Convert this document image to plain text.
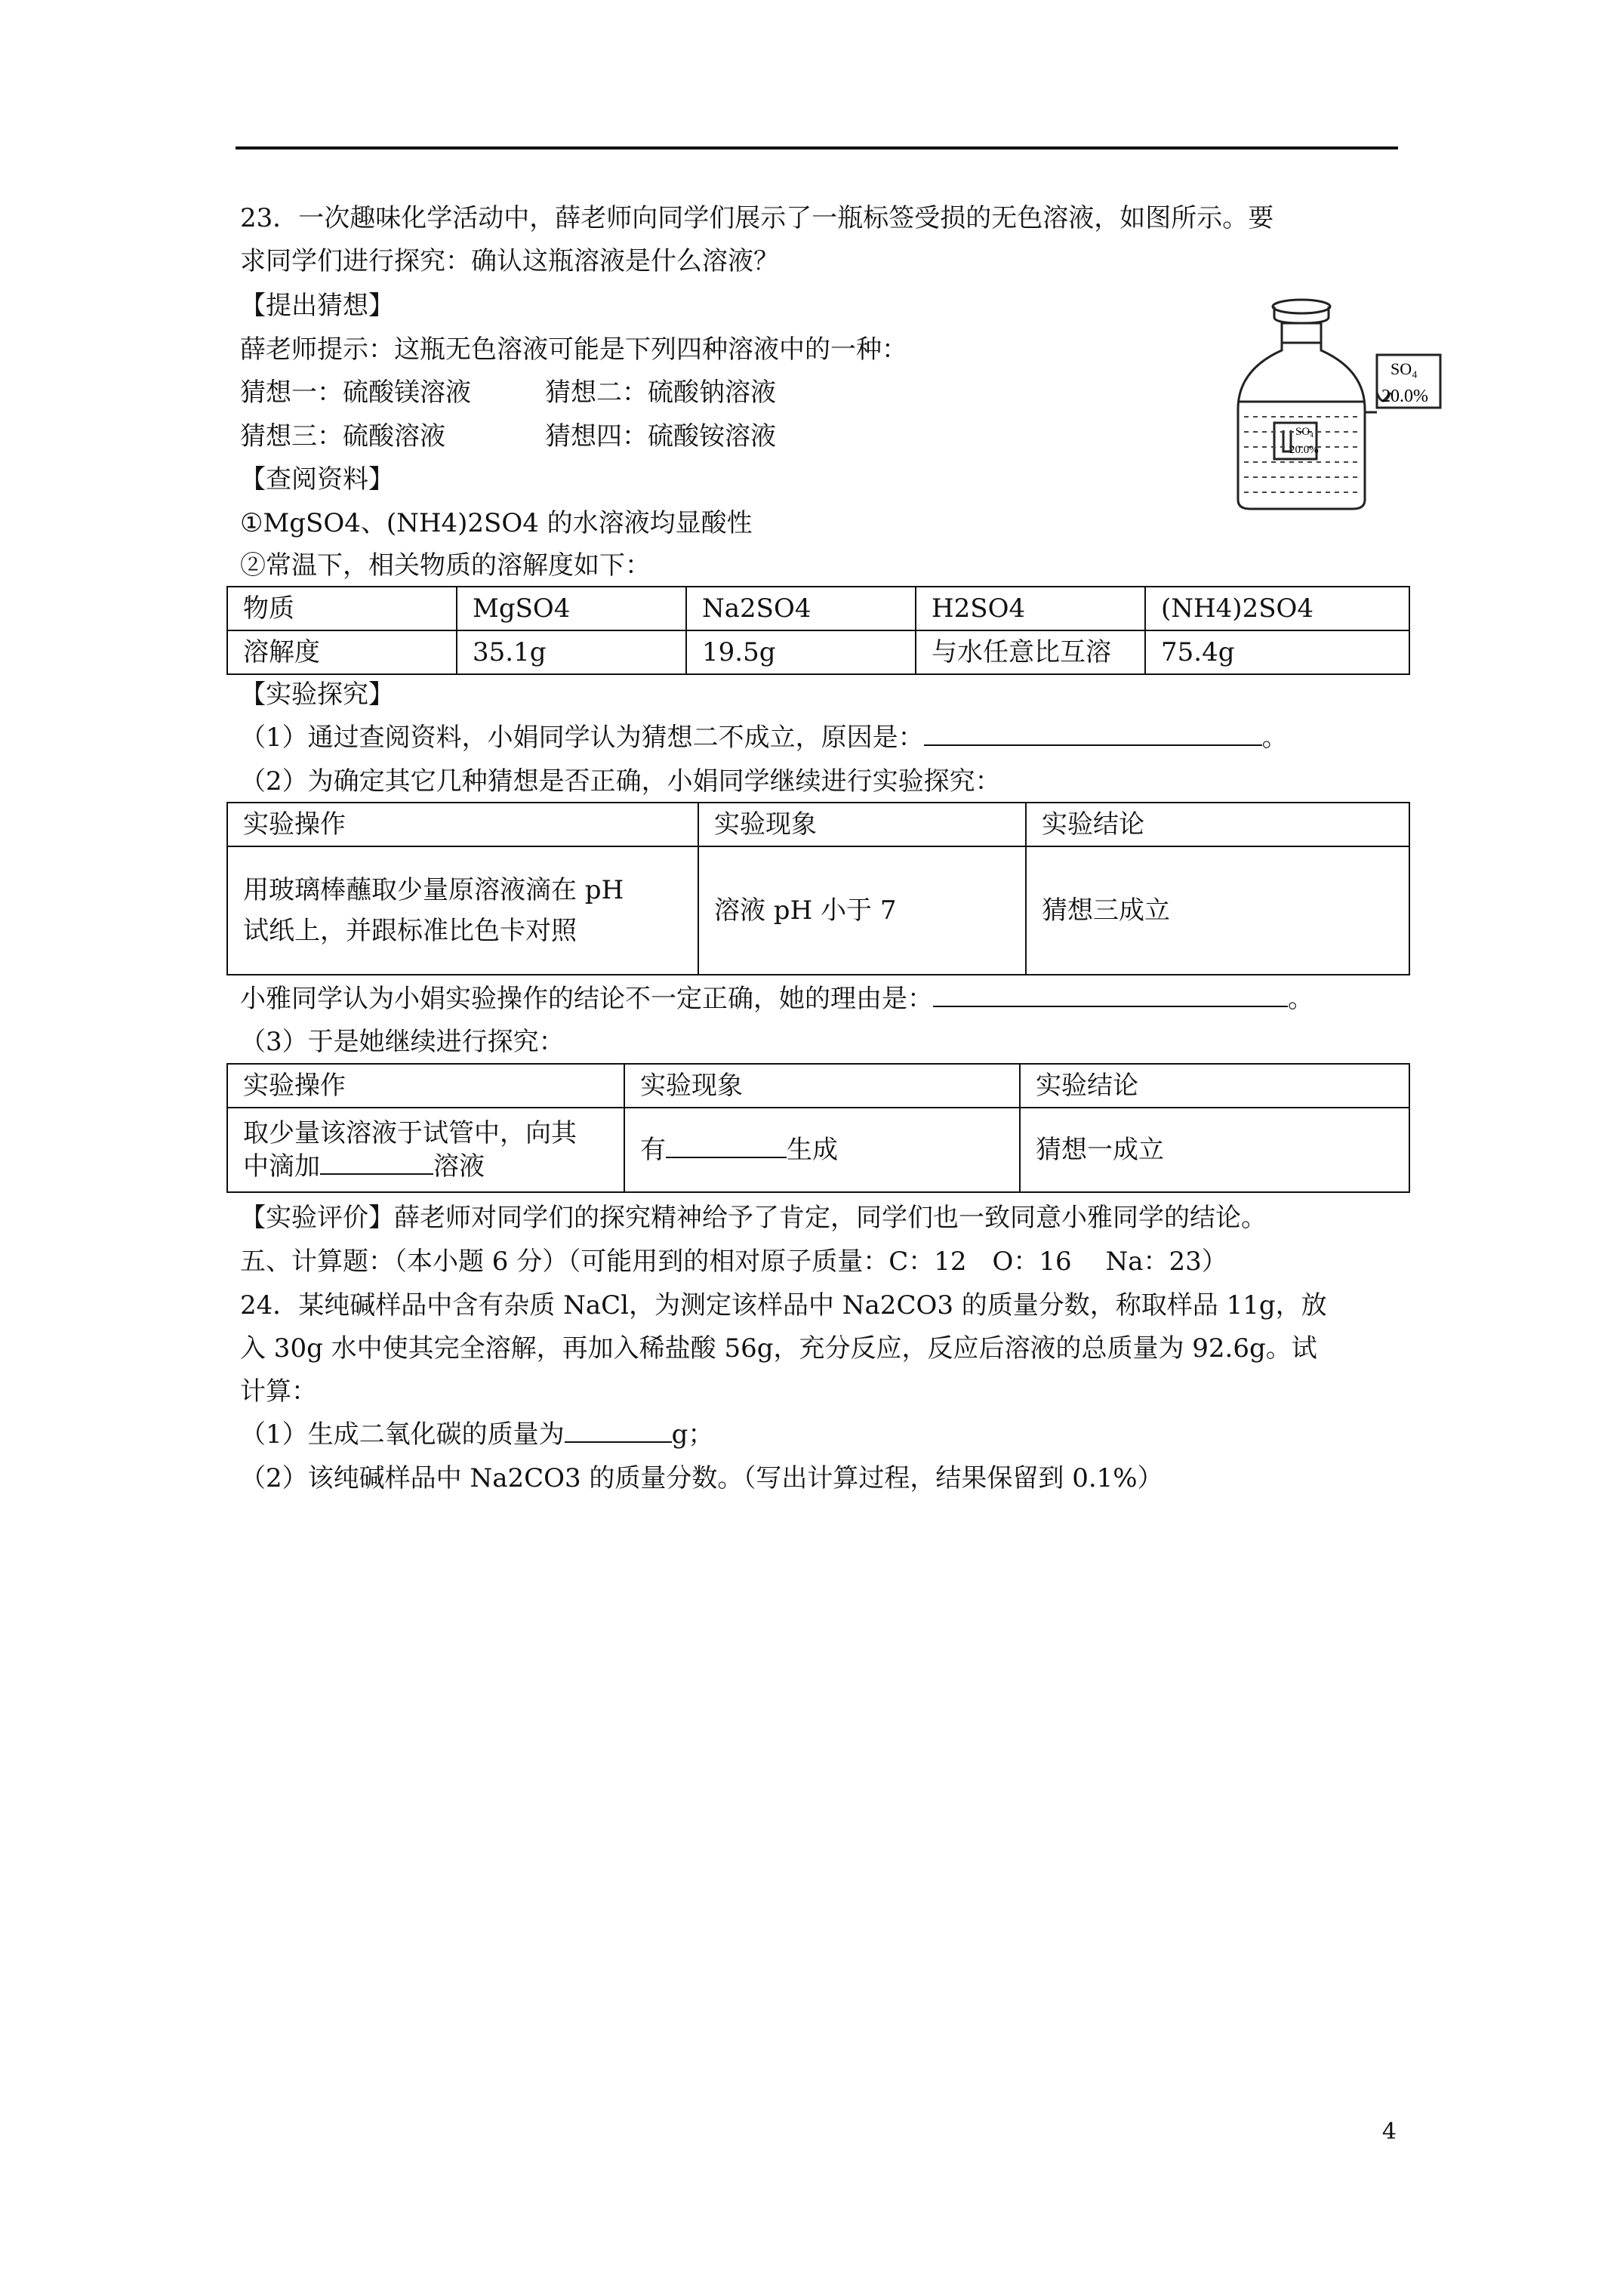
23．一次趣味化学活动中，薛老师向同学们展示了一瓶标签受损的无色溶液，如图所示。要
求同学们进行探究：确认这瓶溶液是什么溶液？
【提出猜想】
薛老师提示：这瓶无色溶液可能是下列四种溶液中的一种：
猜想一：硫酸镁溶液	猜想二：硫酸钠溶液
猜想三：硫酸溶液	猜想四：硫酸铵溶液
【查阅资料】
①MgSO4、(NH4)2SO4 的水溶液均显酸性
②常温下，相关物质的溶解度如下：
SO₄
20.0%
SO₄
20.0%
物质	MgSO4	Na2SO4	H2SO4	(NH4)2SO4
溶解度	35.1g	19.5g	与水任意比互溶	75.4g
【实验探究】
（1）通过查阅资料，小娟同学认为猜想二不成立，原因是：	。
（2）为确定其它几种猜想是否正确，小娟同学继续进行实验探究：
实验操作	实验现象	实验结论

用玻璃棒蘸取少量原溶液滴在 pH
试纸上，并跟标准比色卡对照	溶液 pH 小于 7	猜想三成立
小雅同学认为小娟实验操作的结论不一定正确，她的理由是：	。
（3）于是她继续进行探究：
实验操作	实验现象	实验结论

取少量该溶液于试管中，向其
中滴加 溶液	有 生成	猜想一成立
【实验评价】薛老师对同学们的探究精神给予了肯定，同学们也一致同意小雅同学的结论。
五、计算题：（本小题 6 分）（可能用到的相对原子质量：C：12　O：16　 Na：23）
24．某纯碱样品中含有杂质 NaCl，为测定该样品中 Na2CO3 的质量分数，称取样品 11g，放
入 30g 水中使其完全溶解，再加入稀盐酸 56g，充分反应，反应后溶液的总质量为 92.6g。试
计算：
（1）生成二氧化碳的质量为	g；
（2）该纯碱样品中 Na2CO3 的质量分数。（写出计算过程，结果保留到 0.1%）
4
